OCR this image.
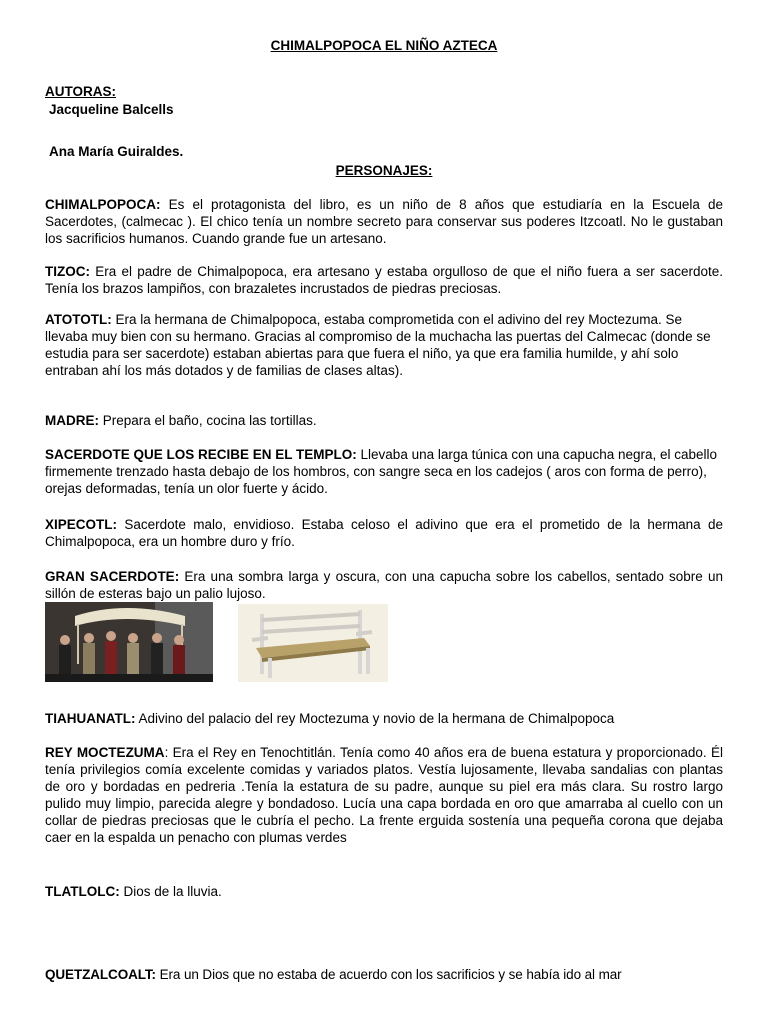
CHIMALPOPOCA EL NIÑO AZTECA
AUTORAS:
Jacqueline Balcells
Ana María Guiraldes.
PERSONAJES:
CHIMALPOPOCA: Es el protagonista del libro, es un niño de 8 años que estudiaría en la Escuela de Sacerdotes, (calmecac ). El chico tenía un nombre secreto para conservar sus poderes Itzcoatl. No le gustaban los sacrificios humanos. Cuando grande fue un artesano.
TIZOC: Era el padre de Chimalpopoca, era artesano y estaba orgulloso de que el niño fuera a ser sacerdote. Tenía los brazos lampiños, con brazaletes incrustados de piedras preciosas.
ATOTOTL: Era la hermana de Chimalpopoca, estaba comprometida con el adivino del rey Moctezuma. Se llevaba muy bien con su hermano. Gracias al compromiso de la muchacha las puertas del Calmecac (donde se estudia para ser sacerdote) estaban abiertas para que fuera el niño, ya que era familia humilde, y ahí solo entraban ahí los más dotados y de familias de clases altas).
MADRE: Prepara el baño, cocina las tortillas.
SACERDOTE QUE LOS RECIBE EN EL TEMPLO: Llevaba una larga túnica con una capucha negra, el cabello firmemente trenzado hasta debajo de los hombros, con sangre seca en los cadejos ( aros con forma de perro), orejas deformadas, tenía un olor fuerte y ácido.
XIPECOTL: Sacerdote malo, envidioso. Estaba celoso el adivino que era el prometido de la hermana de Chimalpopoca, era un hombre duro y frío.
GRAN SACERDOTE: Era una sombra larga y oscura, con una capucha sobre los cabellos, sentado sobre un sillón de esteras bajo un palio lujoso.
TIAHUANATL: Adivino del palacio del rey Moctezuma y novio de la hermana de Chimalpopoca
REY MOCTEZUMA: Era el Rey en Tenochtitlán. Tenía como 40 años era de buena estatura y proporcionado. Él tenía privilegios comía excelente comidas y variados platos. Vestía lujosamente, llevaba sandalias con plantas de oro y bordadas en pedreria .Tenía la estatura de su padre, aunque su piel era más clara. Su rostro largo pulido muy limpio, parecida alegre y bondadoso. Lucía una capa bordada en oro que amarraba al cuello con un collar de piedras preciosas que le cubría el pecho. La frente erguida sostenía una pequeña corona que dejaba caer en la espalda un penacho con plumas verdes
TLATLOLC: Dios de la lluvia.
QUETZALCOALT: Era un Dios que no estaba de acuerdo con los sacrificios y se había ido al mar
